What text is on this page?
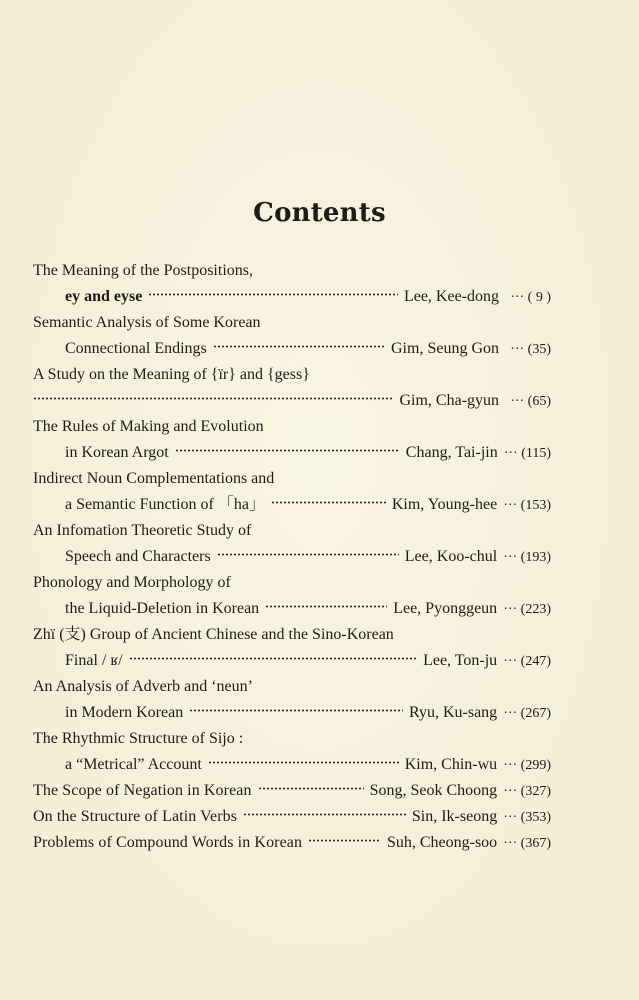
Contents
The Meaning of the Postpositions,
ey and eyse	Lee, Kee-dong ··· ( 9 )
Semantic Analysis of Some Korean
Connectional Endings	Gim, Seung Gon ··· (35)
A Study on the Meaning of {ïr} and {gess}
Gim, Cha-gyun ··· (65)
The Rules of Making and Evolution
in Korean Argot	Chang, Tai-jin ··· (115)
Indirect Noun Complementations and
a Semantic Function of 「ha」	Kim, Young-hee ··· (153)
An Infomation Theoretic Study of
Speech and Characters	Lee, Koo-chul ··· (193)
Phonology and Morphology of
the Liquid-Deletion in Korean	Lee, Pyonggeun ··· (223)
Zhï (支) Group of Ancient Chinese and the Sino-Korean
Final / ʁ/	Lee, Ton-ju ··· (247)
An Analysis of Adverb and ‘neun’
in Modern Korean	Ryu, Ku-sang ··· (267)
The Rhythmic Structure of Sijo :
a “Metrical” Account	Kim, Chin-wu ··· (299)
The Scope of Negation in Korean	Song, Seok Choong ··· (327)
On the Structure of Latin Verbs	Sin, Ik-seong ··· (353)
Problems of Compound Words in Korean	Suh, Cheong-soo ··· (367)
